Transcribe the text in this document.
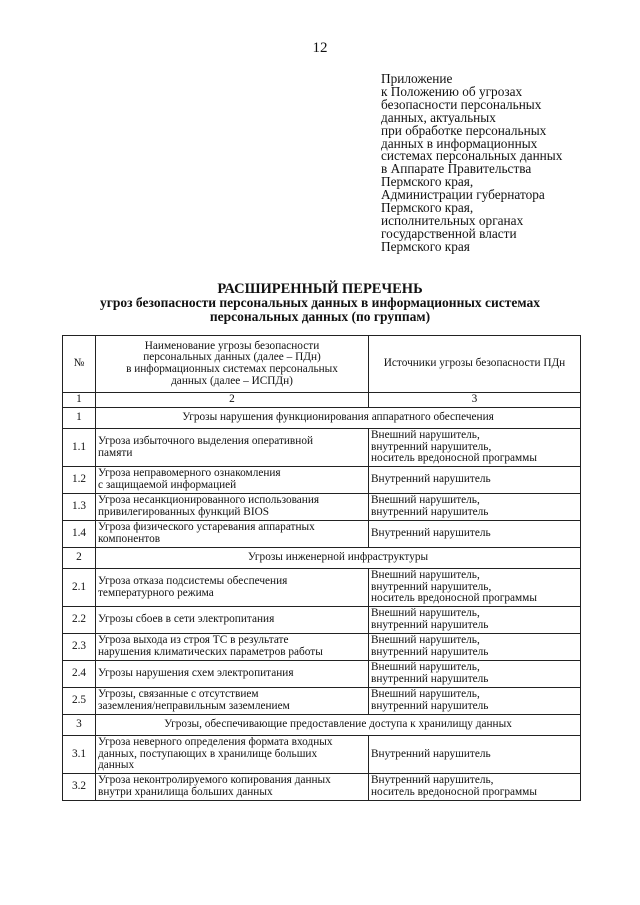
12
Приложение
к Положению об угрозах
безопасности персональных
данных, актуальных
при обработке персональных
данных в информационных
системах персональных данных
в Аппарате Правительства
Пермского края,
Администрации губернатора
Пермского края,
исполнительных органах
государственной власти
Пермского края
РАСШИРЕННЫЙ ПЕРЕЧЕНЬ
угроз безопасности персональных данных в информационных системах
персональных данных (по группам)
№	Наименование угрозы безопасности
персональных данных (далее – ПДн)
в информационных системах персональных
данных (далее – ИСПДн)	Источники угрозы безопасности ПДн
1	2	3
1	Угрозы нарушения функционирования аппаратного обеспечения	
1.1	Угроза избыточного выделения оперативной
памяти	Внешний нарушитель,
внутренний нарушитель,
носитель вредоносной программы

1.2	Угроза неправомерного ознакомления
с защищаемой информацией	Внутренний нарушитель

1.3	Угроза несанкционированного использования
привилегированных функций BIOS	Внешний нарушитель,
внутренний нарушитель

1.4	Угроза физического устаревания аппаратных
компонентов	Внутренний нарушитель

2	Угрозы инженерной инфраструктуры	
2.1	Угроза отказа подсистемы обеспечения
температурного режима	Внешний нарушитель,
внутренний нарушитель,
носитель вредоносной программы

2.2	Угрозы сбоев в сети электропитания	Внешний нарушитель,
внутренний нарушитель

2.3	Угроза выхода из строя ТС в результате
нарушения климатических параметров работы	Внешний нарушитель,
внутренний нарушитель

2.4	Угрозы нарушения схем электропитания	Внешний нарушитель,
внутренний нарушитель

2.5	Угрозы, связанные с отсутствием
заземления/неправильным заземлением	Внешний нарушитель,
внутренний нарушитель

3	Угрозы, обеспечивающие предоставление доступа к хранилищу данных	
3.1	Угроза неверного определения формата входных
данных, поступающих в хранилище больших
данных	Внутренний нарушитель

3.2	Угроза неконтролируемого копирования данных
внутри хранилища больших данных	Внутренний нарушитель,
носитель вредоносной программы
